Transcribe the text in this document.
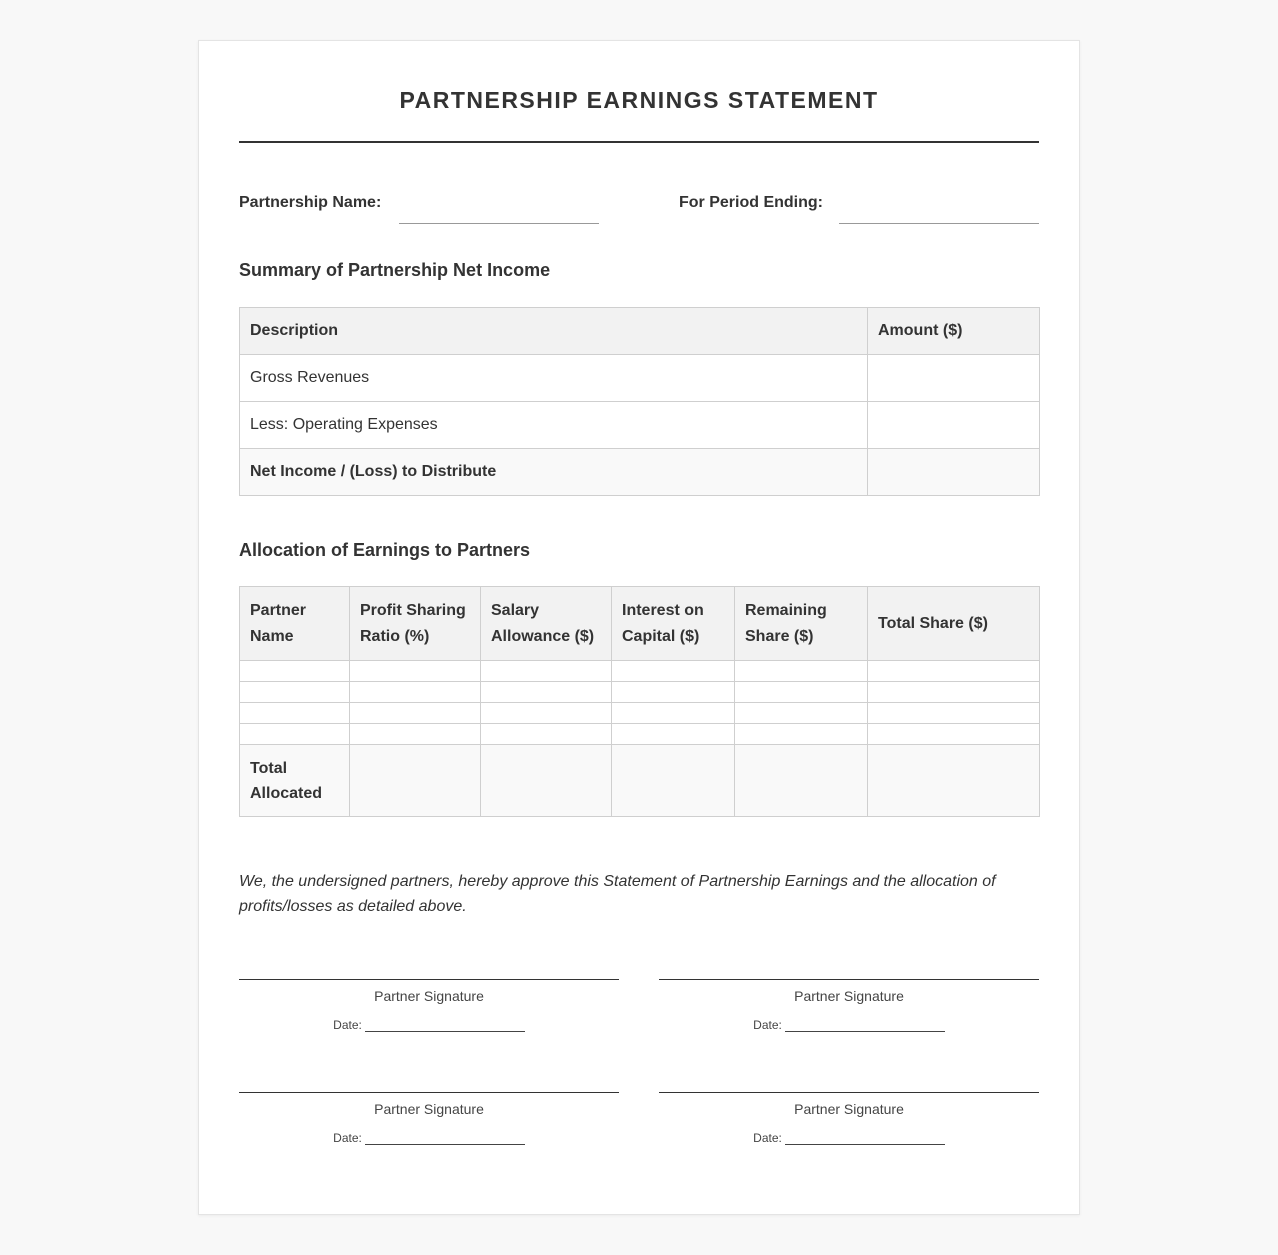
PARTNERSHIP EARNINGS STATEMENT
Partnership Name:	For Period Ending:
Summary of Partnership Net Income
Description	Amount ($)
Gross Revenues	
Less: Operating Expenses	
Net Income / (Loss) to Distribute	
Allocation of Earnings to Partners
Partner Name	Profit Sharing Ratio (%)	Salary Allowance ($)	Interest on Capital ($)	Remaining Share ($)	Total Share ($)

Total Allocated					

We, the undersigned partners, hereby approve this Statement of Partnership Earnings and the allocation of profits/losses as detailed above.

Partner Signature
Date:
Partner Signature
Date:
Partner Signature
Date:
Partner Signature
Date:
